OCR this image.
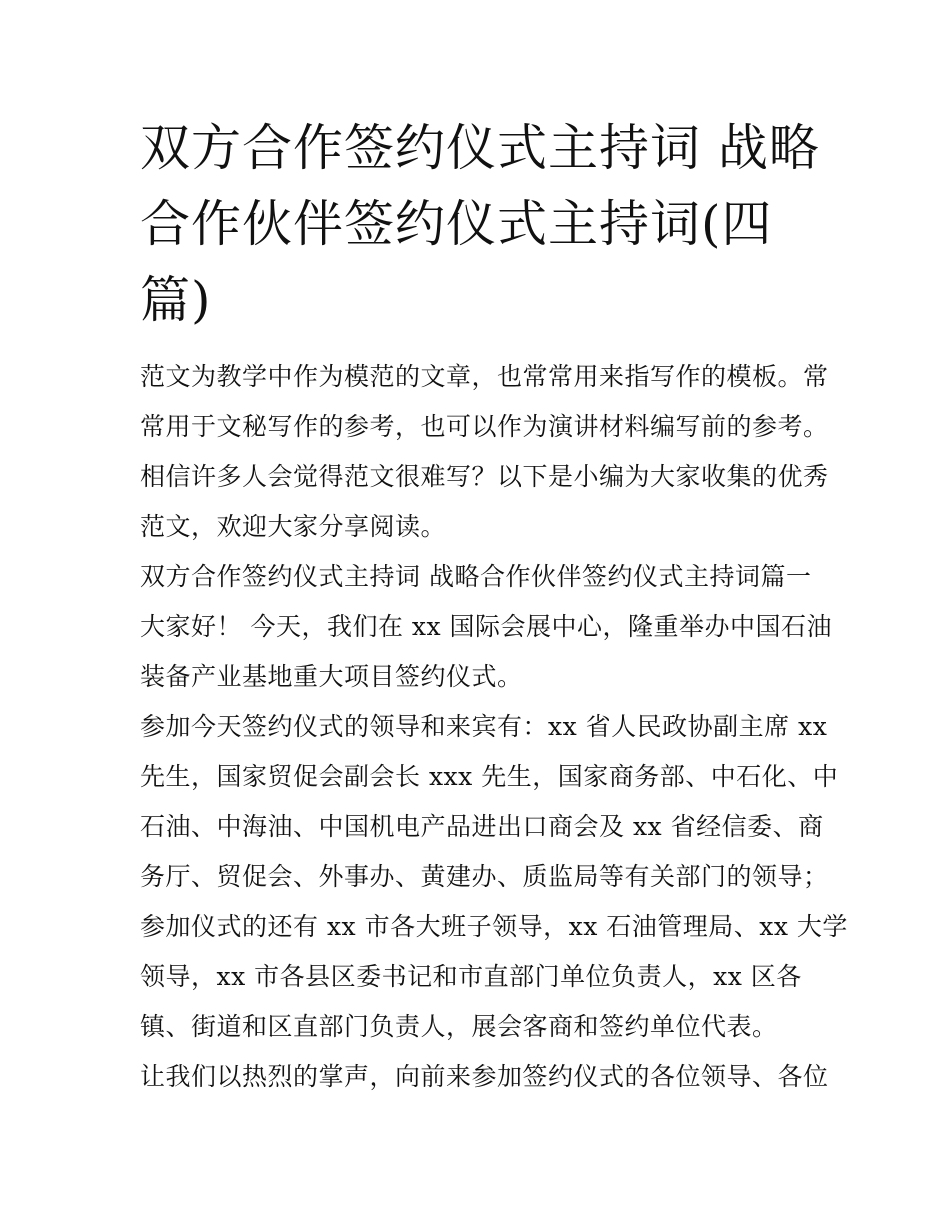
双方合作签约仪式主持词 战略
合作伙伴签约仪式主持词(四
篇)
范文为教学中作为模范的文章，也常常用来指写作的模板。常
常用于文秘写作的参考，也可以作为演讲材料编写前的参考。
相信许多人会觉得范文很难写？以下是小编为大家收集的优秀
范文，欢迎大家分享阅读。
双方合作签约仪式主持词 战略合作伙伴签约仪式主持词篇一
大家好！ 今天，我们在 xx 国际会展中心，隆重举办中国石油
装备产业基地重大项目签约仪式。
参加今天签约仪式的领导和来宾有：xx 省人民政协副主席 xx
先生，国家贸促会副会长 xxx 先生，国家商务部、中石化、中
石油、中海油、中国机电产品进出口商会及 xx 省经信委、商
务厅、贸促会、外事办、黄建办、质监局等有关部门的领导；
参加仪式的还有 xx 市各大班子领导，xx 石油管理局、xx 大学
领导，xx 市各县区委书记和市直部门单位负责人，xx 区各
镇、街道和区直部门负责人，展会客商和签约单位代表。
让我们以热烈的掌声，向前来参加签约仪式的各位领导、各位
